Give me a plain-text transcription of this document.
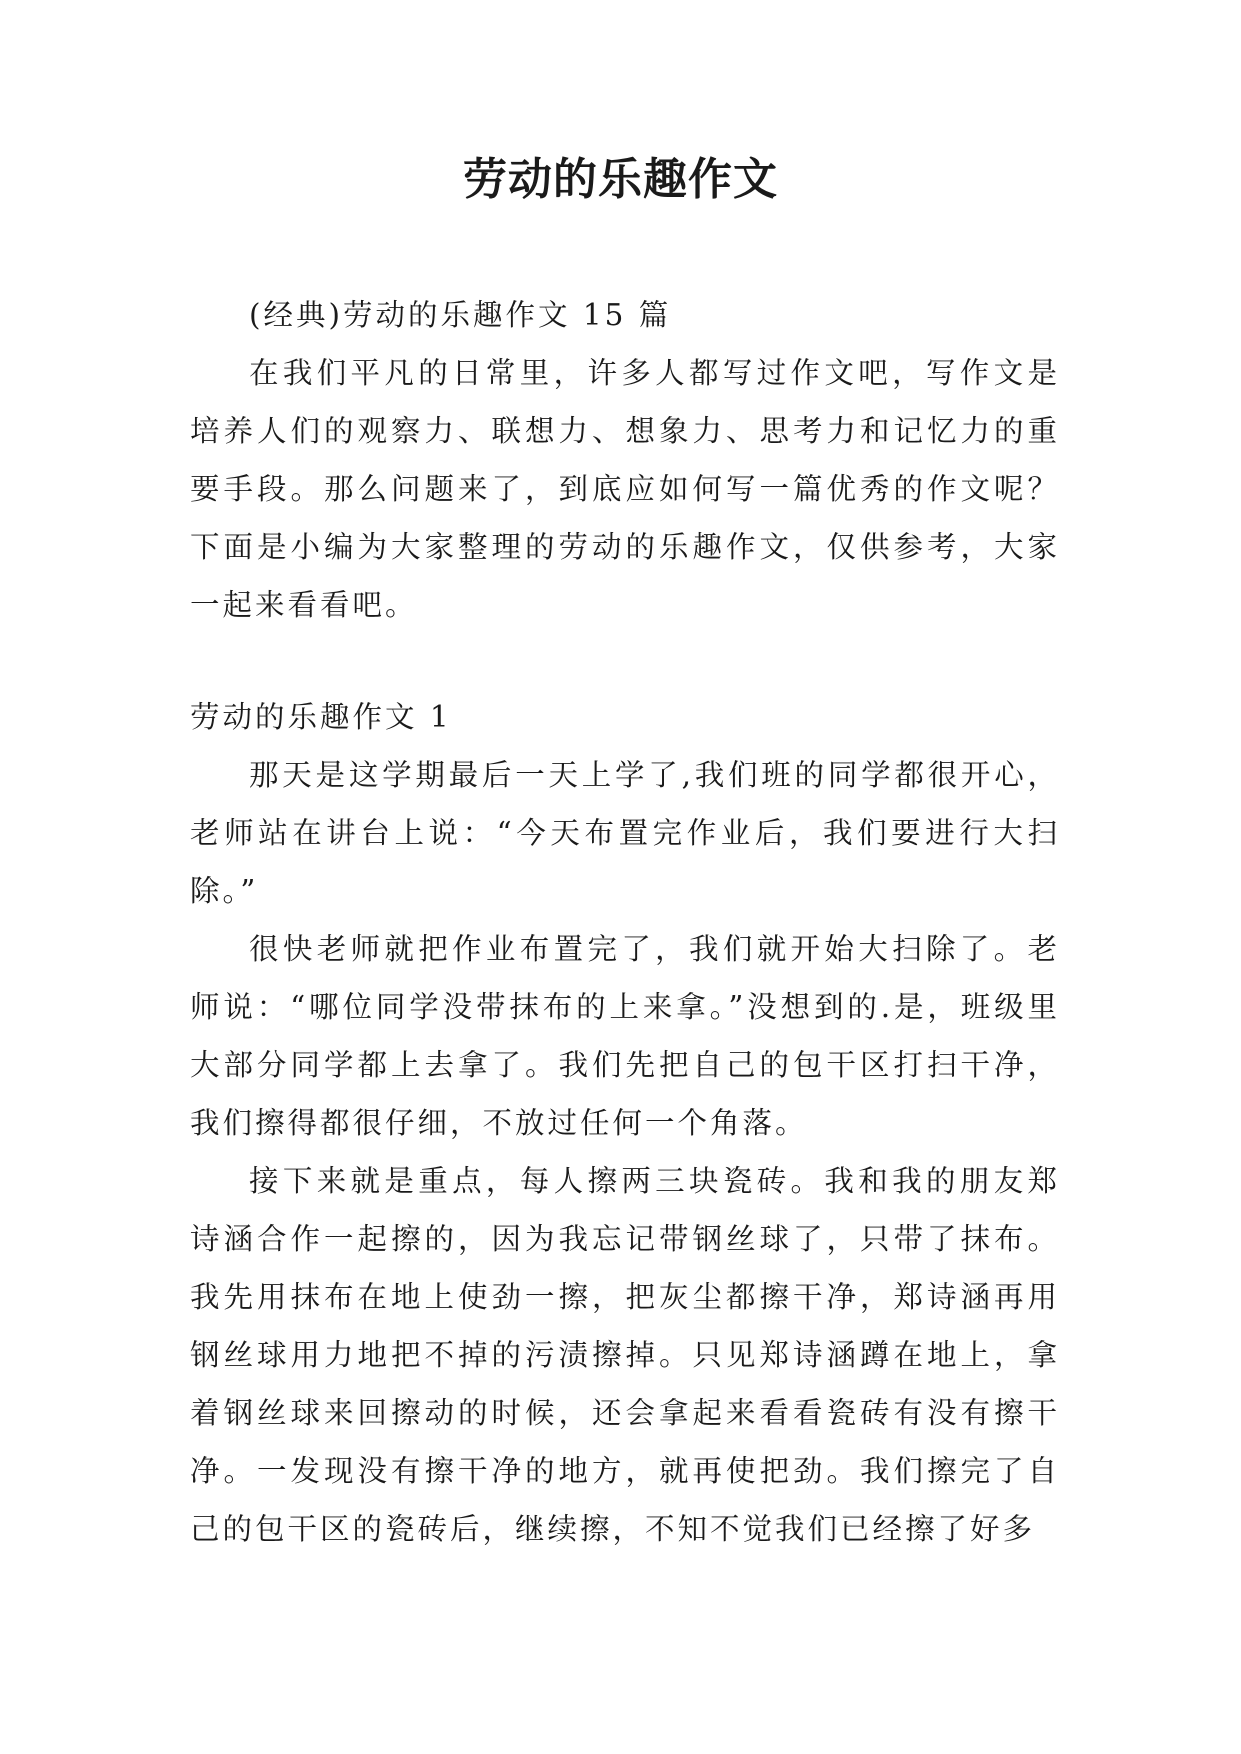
劳动的乐趣作文

(经典)劳动的乐趣作文 15 篇

在我们平凡的日常里，许多人都写过作文吧，写作文是培养人们的观察力、联想力、想象力、思考力和记忆力的重要手段。那么问题来了，到底应如何写一篇优秀的作文呢？下面是小编为大家整理的劳动的乐趣作文，仅供参考，大家一起来看看吧。

劳动的乐趣作文 1

那天是这学期最后一天上学了,我们班的同学都很开心，老师站在讲台上说：“今天布置完作业后，我们要进行大扫除。”

很快老师就把作业布置完了，我们就开始大扫除了。老师说：“哪位同学没带抹布的上来拿。”没想到的.是，班级里大部分同学都上去拿了。我们先把自己的包干区打扫干净，我们擦得都很仔细，不放过任何一个角落。

接下来就是重点，每人擦两三块瓷砖。我和我的朋友郑诗涵合作一起擦的，因为我忘记带钢丝球了，只带了抹布。我先用抹布在地上使劲一擦，把灰尘都擦干净，郑诗涵再用钢丝球用力地把不掉的污渍擦掉。只见郑诗涵蹲在地上，拿着钢丝球来回擦动的时候，还会拿起来看看瓷砖有没有擦干净。一发现没有擦干净的地方，就再使把劲。我们擦完了自己的包干区的瓷砖后，继续擦，不知不觉我们已经擦了好多
